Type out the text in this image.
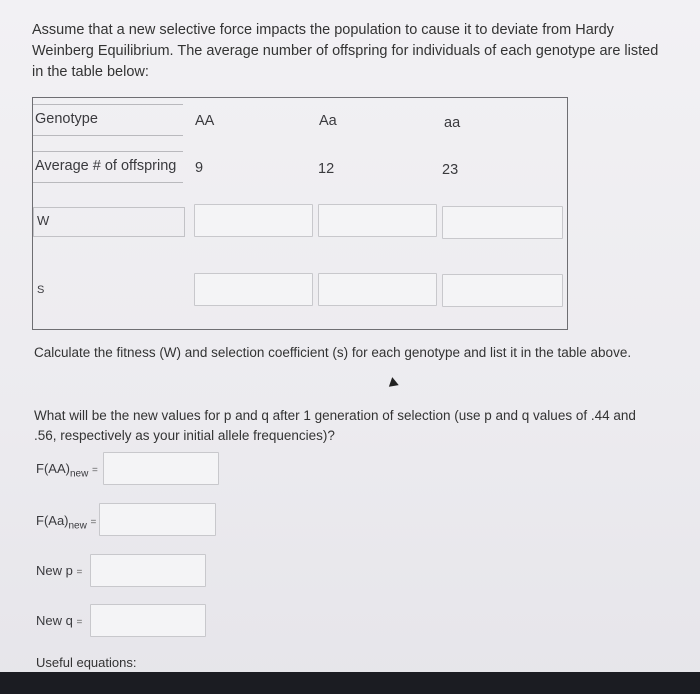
Assume that a new selective force impacts the population to cause it to deviate from Hardy Weinberg Equilibrium. The average number of offspring for individuals of each genotype are listed in the table below:
Genotype	AA	Aa	aa
Average # of offspring 9	12	23
W
S
Calculate the fitness (W) and selection coefficient (s) for each genotype and list it in the table above.
What will be the new values for p and q after 1 generation of selection (use p and q values of .44 and .56, respectively as your initial allele frequencies)?
$F(AA)_{new}$ =
$F(Aa)_{new}$ =
New p =
New q =
Useful equations:
